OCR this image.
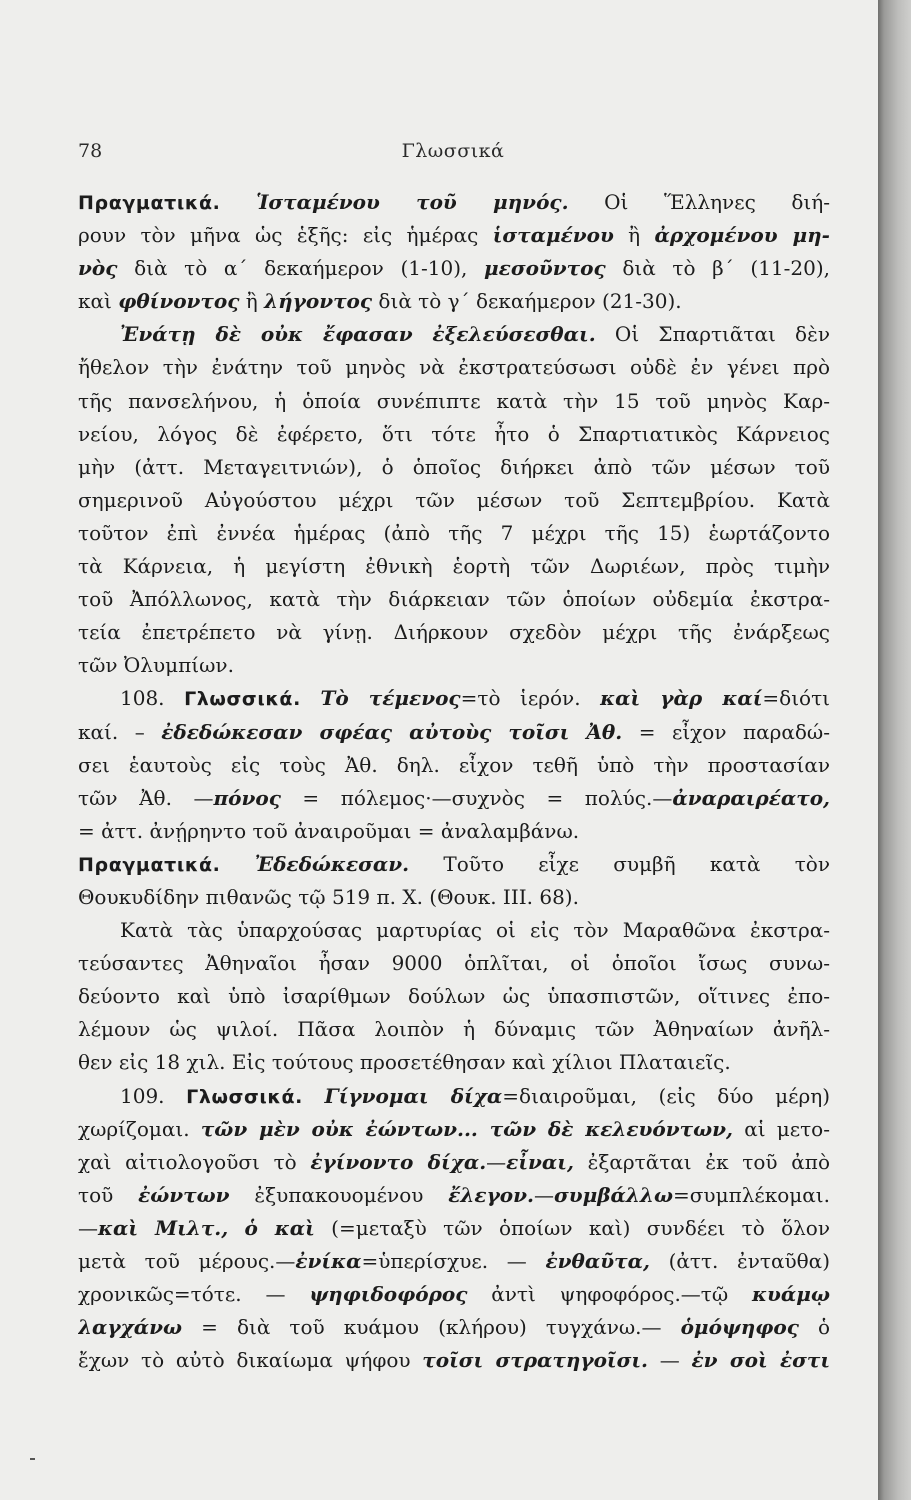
78	Γλωσσικά
Πραγματικά. Ἱσταμένου τοῦ μηνός. Οἱ Ἕλληνες διή-
ρουν τὸν μῆνα ὡς ἑξῆς: εἰς ἡμέρας ἱσταμένου ἢ ἀρχομένου μη-
νὸς διὰ τὸ α΄ δεκαήμερον (1-10), μεσοῦντος διὰ τὸ β΄ (11-20),
καὶ φθίνοντος ἢ λήγοντος διὰ τὸ γ΄ δεκαήμερον (21-30).
Ἐνάτῃ δὲ οὐκ ἔφασαν ἐξελεύσεσθαι. Οἱ Σπαρτιᾶται δὲν
ἤθελον τὴν ἐνάτην τοῦ μηνὸς νὰ ἐκστρατεύσωσι οὐδὲ ἐν γένει πρὸ
τῆς πανσελήνου, ἡ ὁποία συνέπιπτε κατὰ τὴν 15 τοῦ μηνὸς Καρ-
νείου, λόγος δὲ ἐφέρετο, ὅτι τότε ἦτο ὁ Σπαρτιατικὸς Κάρνειος
μὴν (ἀττ. Μεταγειτνιών), ὁ ὁποῖος διήρκει ἀπὸ τῶν μέσων τοῦ
σημερινοῦ Αὐγούστου μέχρι τῶν μέσων τοῦ Σεπτεμβρίου. Κατὰ
τοῦτον ἐπὶ ἐννέα ἡμέρας (ἀπὸ τῆς 7 μέχρι τῆς 15) ἑωρτάζοντο
τὰ Κάρνεια, ἡ μεγίστη ἐθνικὴ ἑορτὴ τῶν Δωριέων, πρὸς τιμὴν
τοῦ Ἀπόλλωνος, κατὰ τὴν διάρκειαν τῶν ὁποίων οὐδεμία ἐκστρα-
τεία ἐπετρέπετο νὰ γίνῃ. Διήρκουν σχεδὸν μέχρι τῆς ἐνάρξεως
τῶν Ὀλυμπίων.
108. Γλωσσικά. Τὸ τέμενος=τὸ ἱερόν. καὶ γὰρ καί=διότι
καί. – ἐδεδώκεσαν σφέας αὐτοὺς τοῖσι Ἀθ. = εἶχον παραδώ-
σει ἑαυτοὺς εἰς τοὺς Ἀθ. δηλ. εἶχον τεθῆ ὑπὸ τὴν προστασίαν
τῶν Ἀθ. —πόνος = πόλεμος·—συχνὸς = πολύς.—ἀναραιρέατο,
= ἀττ. ἀνῄρηντο τοῦ ἀναιροῦμαι = ἀναλαμβάνω.
Πραγματικά. Ἐδεδώκεσαν. Τοῦτο εἶχε συμβῆ κατὰ τὸν
Θουκυδίδην πιθανῶς τῷ 519 π. Χ. (Θουκ. ΙΙΙ. 68).
Κατὰ τὰς ὑπαρχούσας μαρτυρίας οἱ εἰς τὸν Μαραθῶνα ἐκστρα-
τεύσαντες Ἀθηναῖοι ἦσαν 9000 ὁπλῖται, οἱ ὁποῖοι ἴσως συνω-
δεύοντο καὶ ὑπὸ ἰσαρίθμων δούλων ὡς ὑπασπιστῶν, οἵτινες ἐπο-
λέμουν ὡς ψιλοί. Πᾶσα λοιπὸν ἡ δύναμις τῶν Ἀθηναίων ἀνῆλ-
θεν εἰς 18 χιλ. Εἰς τούτους προσετέθησαν καὶ χίλιοι Πλαταιεῖς.
109. Γλωσσικά. Γίγνομαι δίχα=διαιροῦμαι, (εἰς δύο μέρη)
χωρίζομαι. τῶν μὲν οὐκ ἐώντων... τῶν δὲ κελευόντων, αἱ μετο-
χαὶ αἰτιολογοῦσι τὸ ἐγίνοντο δίχα.—εἶναι, ἐξαρτᾶται ἐκ τοῦ ἀπὸ
τοῦ ἐώντων ἐξυπακουομένου ἔλεγον.—συμβάλλω=συμπλέκομαι.
—καὶ Μιλτ., ὁ καὶ (=μεταξὺ τῶν ὁποίων καὶ) συνδέει τὸ ὅλον
μετὰ τοῦ μέρους.—ἐνίκα=ὑπερίσχυε. — ἐνθαῦτα, (ἀττ. ἐνταῦθα)
χρονικῶς=τότε. — ψηφιδοφόρος ἀντὶ ψηφοφόρος.—τῷ κυάμῳ
λαγχάνω = διὰ τοῦ κυάμου (κλήρου) τυγχάνω.— ὁμόψηφος ὁ
ἔχων τὸ αὐτὸ δικαίωμα ψήφου τοῖσι στρατηγοῖσι. — ἐν σοὶ ἐστι
